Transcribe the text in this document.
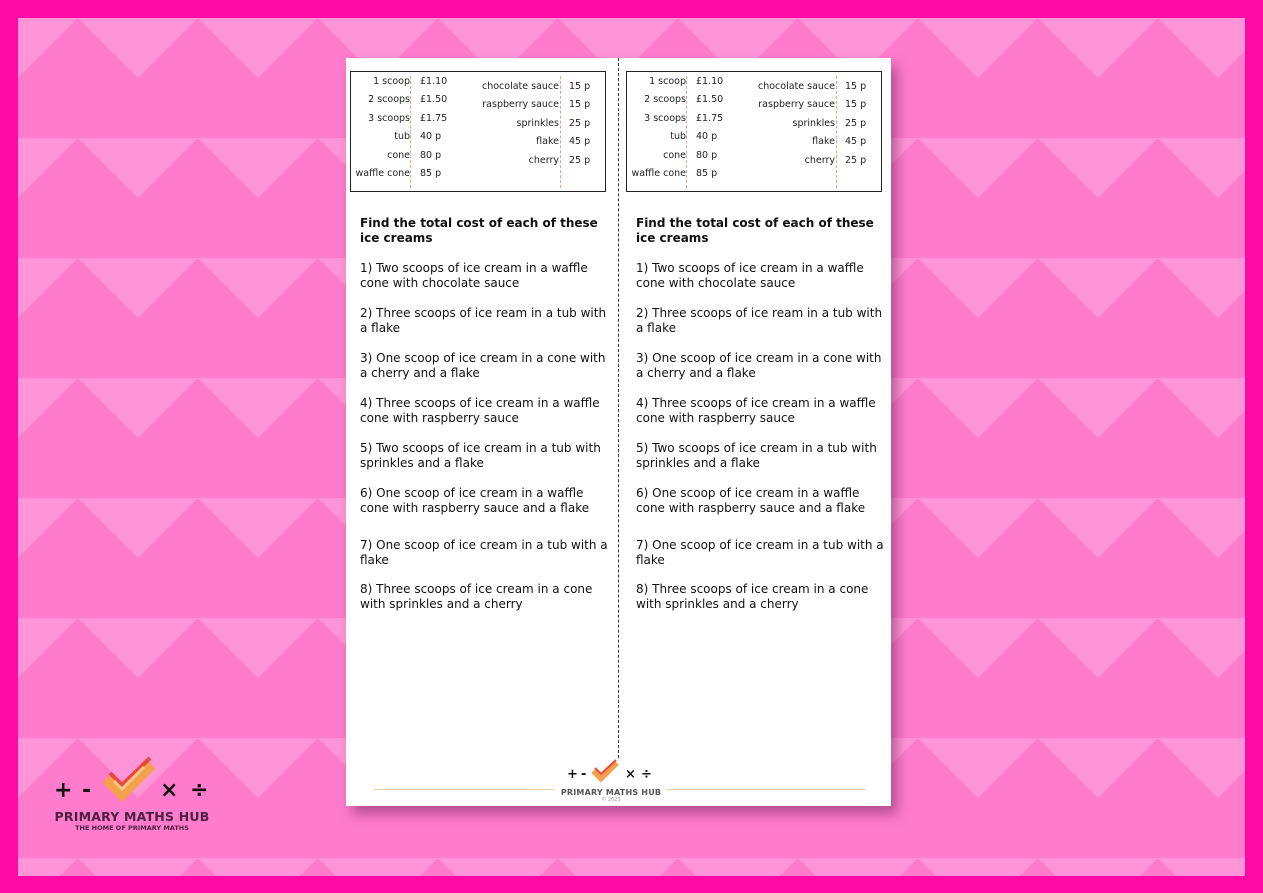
1 scoop
2 scoops
3 scoops
tub
cone
waffle cone
£1.10
£1.50
£1.75
40 p
80 p
85 p
chocolate sauce
raspberry sauce
sprinkles
flake
cherry
15 p
15 p
25 p
45 p
25 p
Find the total cost of each of these ice creams
1) Two scoops of ice cream in a waffle cone with chocolate sauce
2) Three scoops of ice ream in a tub with a flake
3) One scoop of ice cream in a cone with a cherry and a flake
4) Three scoops of ice cream in a waffle cone with raspberry sauce
5) Two scoops of ice cream in a tub with sprinkles and a flake
6) One scoop of ice cream in a waffle cone with raspberry sauce and a flake
7) One scoop of ice cream in a tub with a flake
8) Three scoops of ice cream in a cone with sprinkles and a cherry
1 scoop
2 scoops
3 scoops
tub
cone
waffle cone
£1.10
£1.50
£1.75
40 p
80 p
85 p
chocolate sauce
raspberry sauce
sprinkles
flake
cherry
15 p
15 p
25 p
45 p
25 p
Find the total cost of each of these ice creams
1) Two scoops of ice cream in a waffle cone with chocolate sauce
2) Three scoops of ice ream in a tub with a flake
3) One scoop of ice cream in a cone with a cherry and a flake
4) Three scoops of ice cream in a waffle cone with raspberry sauce
5) Two scoops of ice cream in a tub with sprinkles and a flake
6) One scoop of ice cream in a waffle cone with raspberry sauce and a flake
7) One scoop of ice cream in a tub with a flake
8) Three scoops of ice cream in a cone with sprinkles and a cherry
+ -	× ÷
PRIMARY MATHS HUB
© 2023
+ -	× ÷
PRIMARY MATHS HUB
THE HOME OF PRIMARY MATHS
